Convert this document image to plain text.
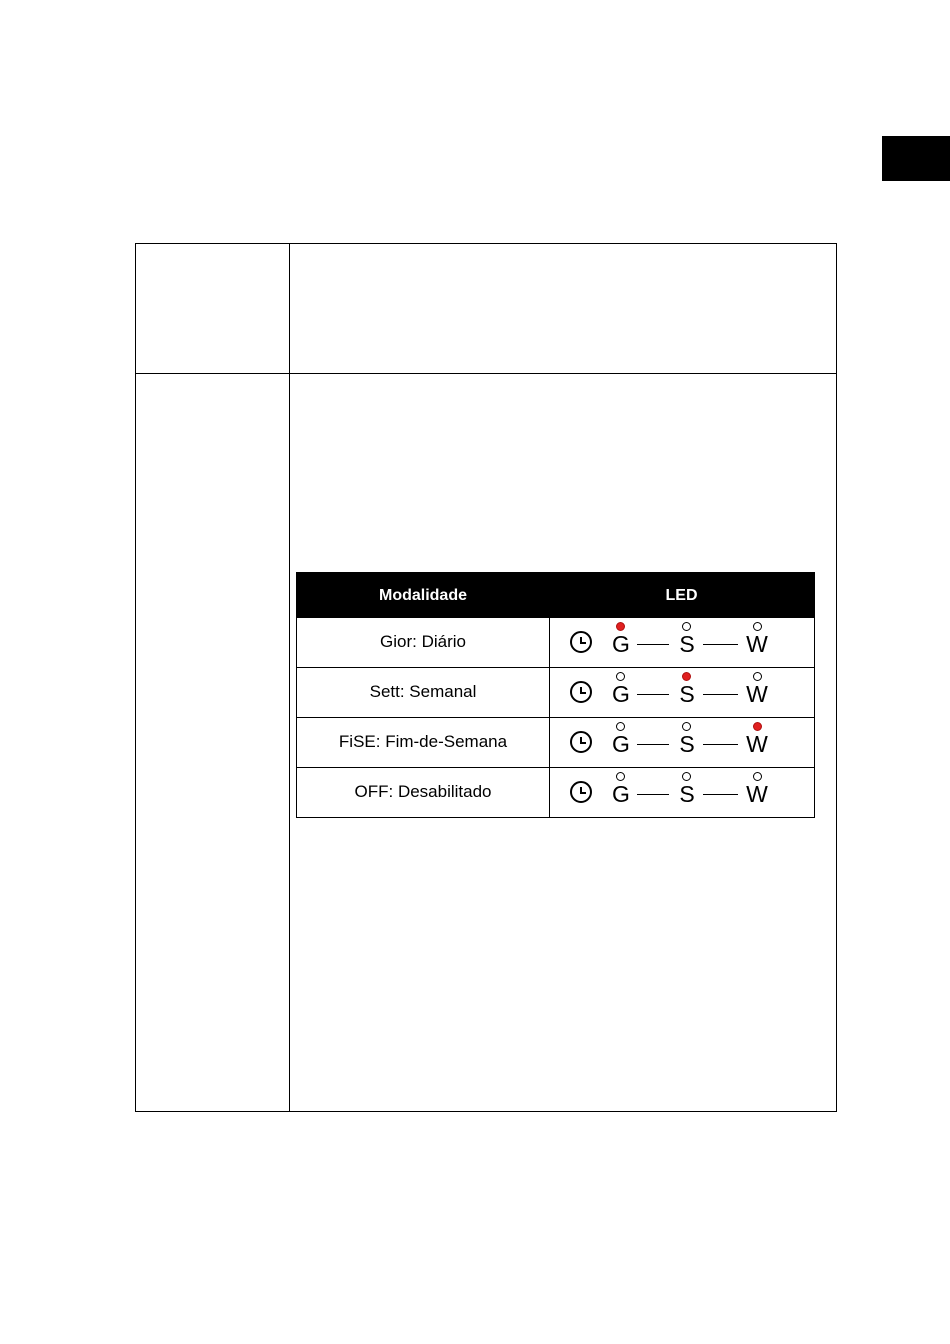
Modalidade	LED
Gior: Diário	G S W
Sett: Semanal	G S W
FiSE: Fim-de-Semana	G S W
OFF: Desabilitado	G S W
